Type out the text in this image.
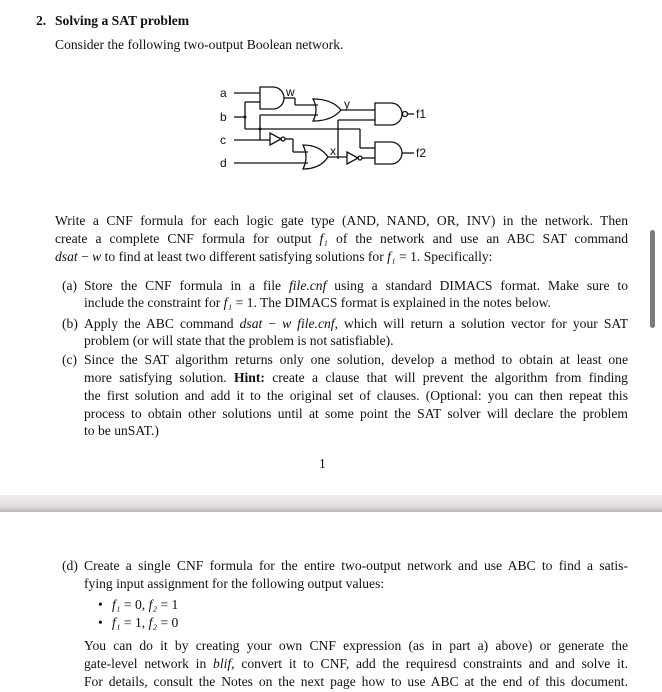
2. Solving a SAT problem
Consider the following two-output Boolean network.
a
b
c
d
w
y
x
f1
f2
Write a CNF formula for each logic gate type (AND, NAND, OR, INV) in the network. Then
create a complete CNF formula for output f₁ of the network and use an ABC SAT command
dsat − w to find at least two different satisfying solutions for f₁ = 1. Specifically:
(a) Store the CNF formula in a file file.cnf using a standard DIMACS format. Make sure to
include the constraint for f₁ = 1. The DIMACS format is explained in the notes below.
(b) Apply the ABC command dsat − w file.cnf, which will return a solution vector for your SAT
problem (or will state that the problem is not satisfiable).
(c) Since the SAT algorithm returns only one solution, develop a method to obtain at least one
more satisfying solution. Hint: create a clause that will prevent the algorithm from finding
the first solution and add it to the original set of clauses. (Optional: you can then repeat this
process to obtain other solutions until at some point the SAT solver will declare the problem
to be unSAT.)
(d) Create a single CNF formula for the entire two-output network and use ABC to find a satis-
fying input assignment for the following output values:
• f₁ = 0, f₂ = 1
• f₁ = 1, f₂ = 0
You can do it by creating your own CNF expression (as in part a) above) or generate the
gate-level network in blif, convert it to CNF, add the requiresd constraints and and solve it.
For details, consult the Notes on the next page how to use ABC at the end of this document.
1
